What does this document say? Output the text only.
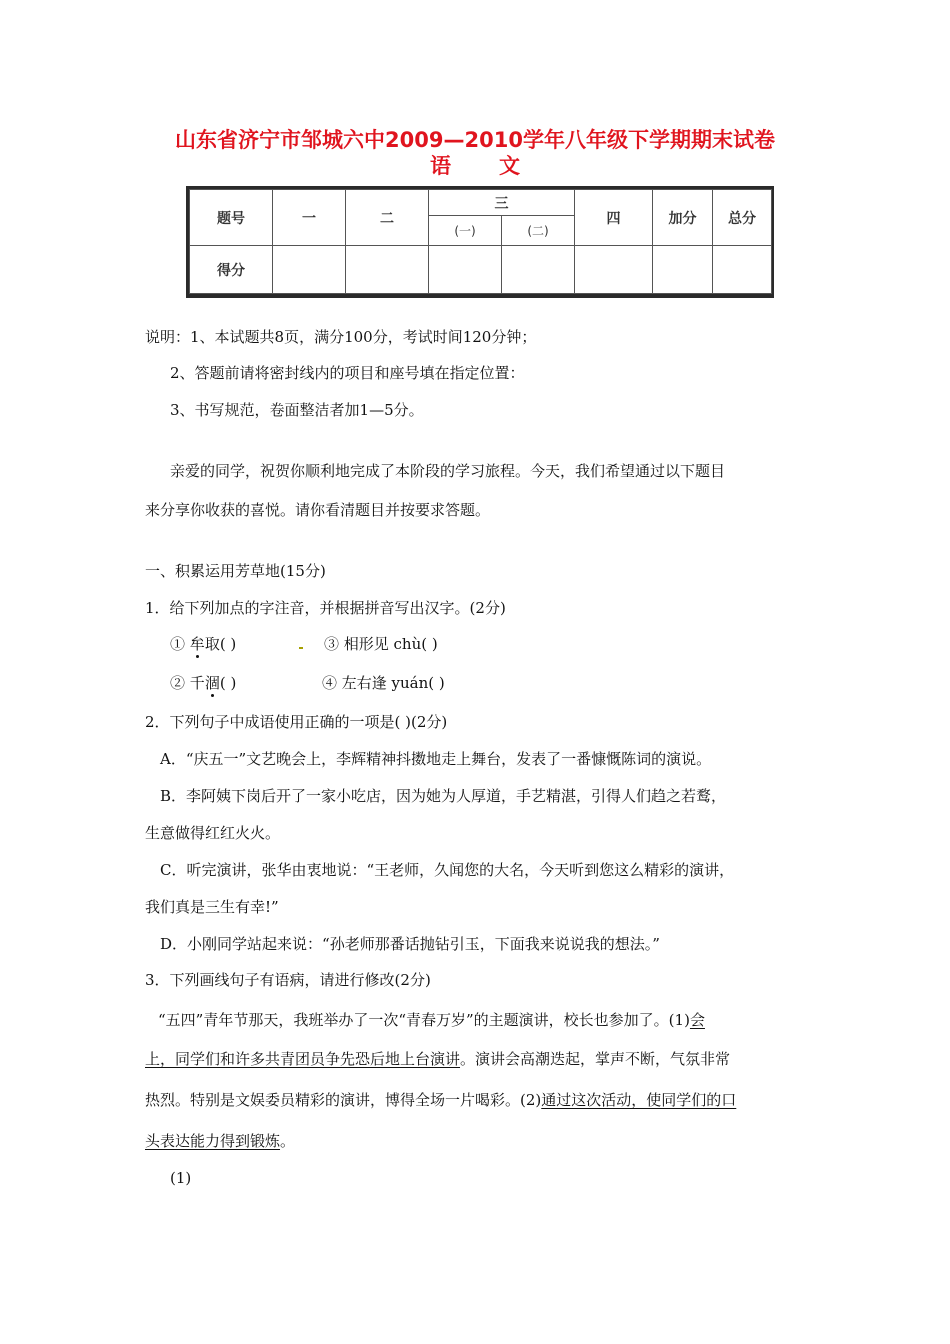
山东省济宁市邹城六中2009—2010学年八年级下学期期末试卷
语 文
题号	一	二	三		四	加分	总分
			(一)	(二)			
得分							
说明：1、本试题共8页，满分100分，考试时间120分钟；
2、答题前请将密封线内的项目和座号填在指定位置：
3、书写规范，卷面整洁者加1—5分。
亲爱的同学，祝贺你顺利地完成了本阶段的学习旅程。今天，我们希望通过以下题目
来分享你收获的喜悦。请你看清题目并按要求答题。
一、积累运用芳草地(15分)
1．给下列加点的字注音，并根据拼音写出汉字。(2分)
① 牟取( )	③ 相形见 chù( )
② 千涸( )	④ 左右逢 yuán( )
2．下列句子中成语使用正确的一项是( )(2分)
A．“庆五一”文艺晚会上，李辉精神抖擞地走上舞台，发表了一番慷慨陈词的演说。
B．李阿姨下岗后开了一家小吃店，因为她为人厚道，手艺精湛，引得人们趋之若鹜，
生意做得红红火火。
C．听完演讲，张华由衷地说：“王老师，久闻您的大名，今天听到您这么精彩的演讲，
我们真是三生有幸!”
D．小刚同学站起来说：“孙老师那番话抛钻引玉，下面我来说说我的想法。”
3．下列画线句子有语病，请进行修改(2分)
“五四”青年节那天，我班举办了一次“青春万岁”的主题演讲，校长也参加了。(1)会
上，同学们和许多共青团员争先恐后地上台演讲。演讲会高潮迭起，掌声不断，气氛非常
热烈。特别是文娱委员精彩的演讲，博得全场一片喝彩。(2)通过这次活动，使同学们的口
头表达能力得到锻炼。
(1)
